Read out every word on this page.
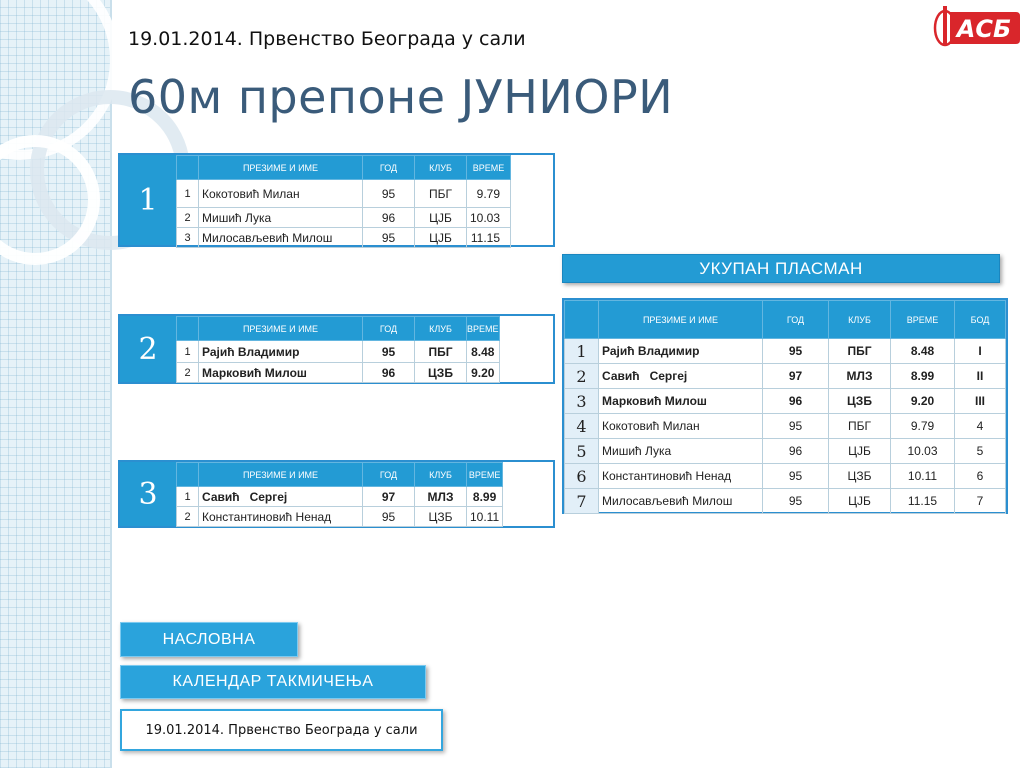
19.01.2014. Првенство Београда у сали
60м препоне ЈУНИОРИ
АСБ
1
	ПРЕЗИМЕ И ИМЕ	ГОД	КЛУБ	ВРЕМЕ
1	Кокотовић Милан	95	ПБГ	9.79
2	Мишић Лука	96	ЦЈБ	10.03
3	Милосављевић Милош	95	ЦЈБ	11.15
2
	ПРЕЗИМЕ И ИМЕ	ГОД	КЛУБ	ВРЕМЕ
1	Рајић Владимир	95	ПБГ	8.48
2	Марковић Милош	96	ЦЗБ	9.20
3
	ПРЕЗИМЕ И ИМЕ	ГОД	КЛУБ	ВРЕМЕ
1	Савић   Сергеј	97	МЛЗ	8.99
2	Константиновић Ненад	95	ЦЗБ	10.11
УКУПАН ПЛАСМАН
	ПРЕЗИМЕ И ИМЕ	ГОД	КЛУБ	ВРЕМЕ	БОД
1	Рајић Владимир	95	ПБГ	8.48	I
2	Савић   Сергеј	97	МЛЗ	8.99	II
3	Марковић Милош	96	ЦЗБ	9.20	III
4	Кокотовић Милан	95	ПБГ	9.79	4
5	Мишић Лука	96	ЦЈБ	10.03	5
6	Константиновић Ненад	95	ЦЗБ	10.11	6
7	Милосављевић Милош	95	ЦЈБ	11.15	7
НАСЛОВНА
КАЛЕНДАР ТАКМИЧЕЊА
19.01.2014. Првенство Београда у сали
